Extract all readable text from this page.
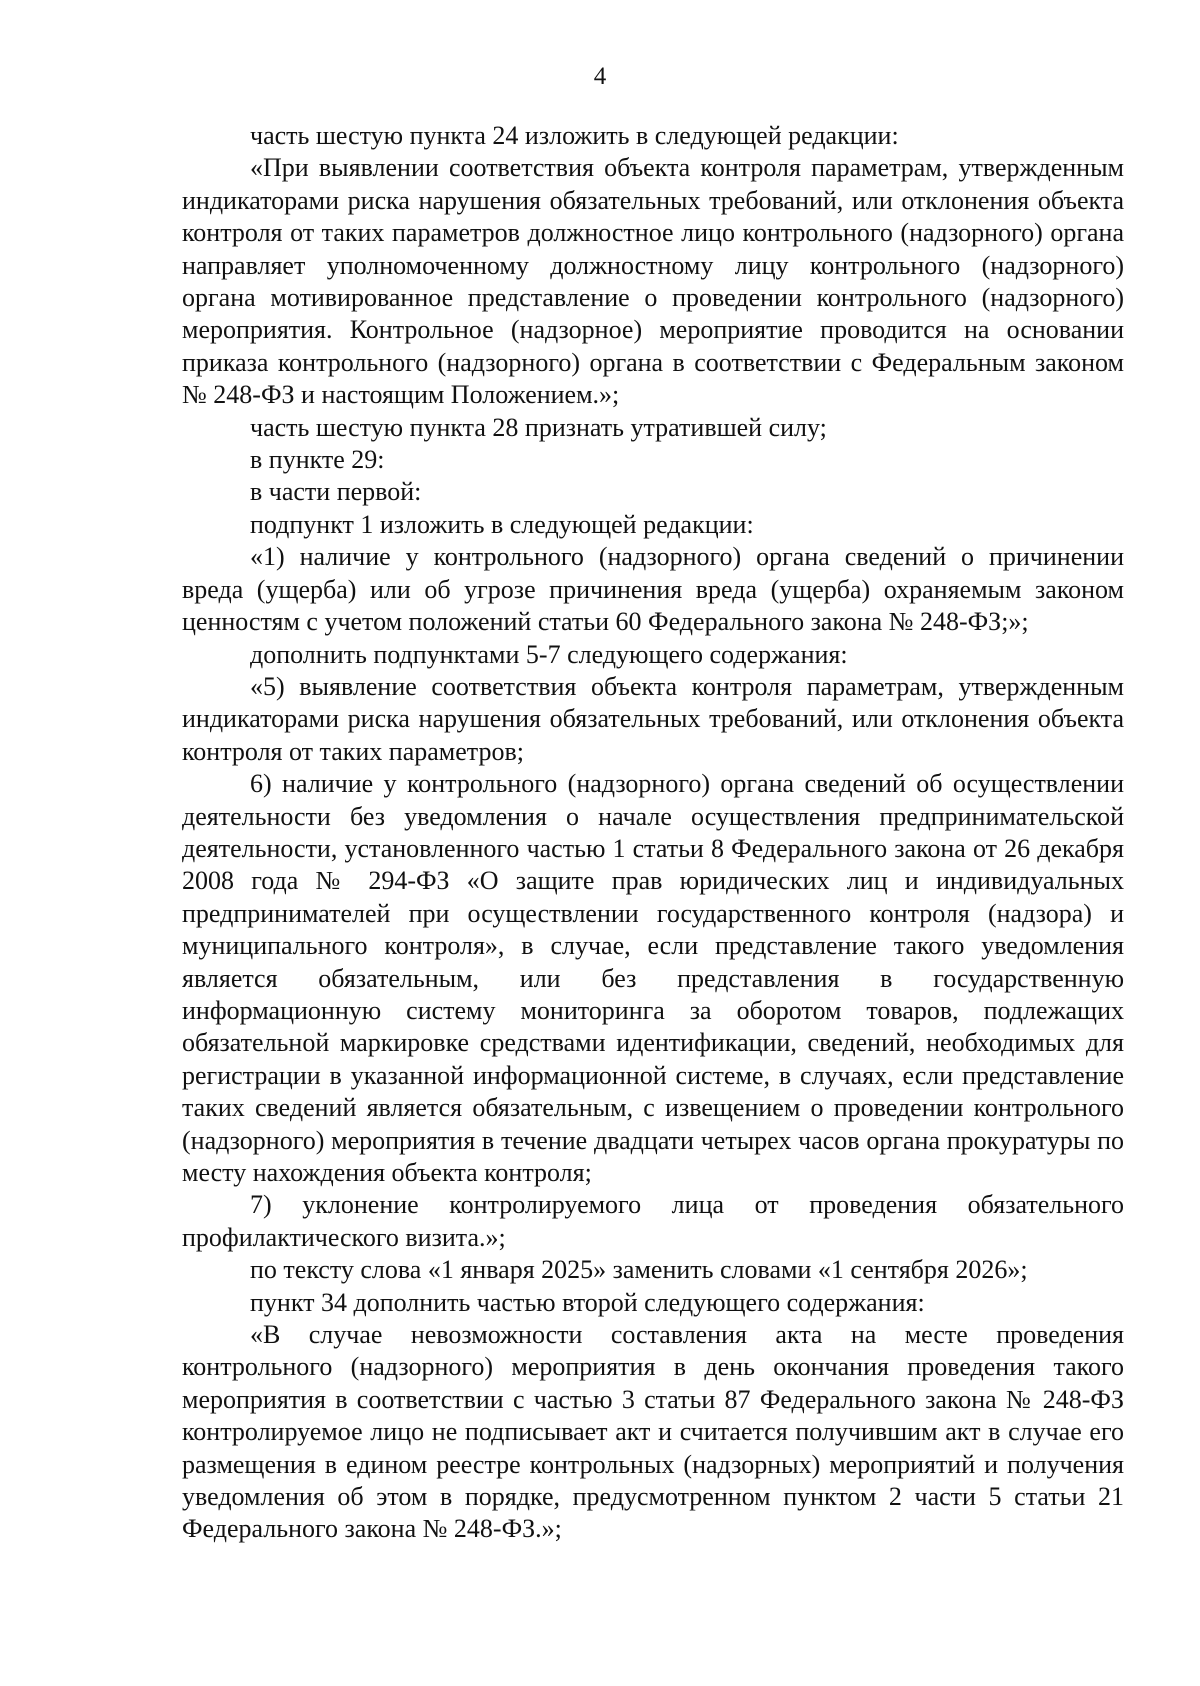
4

часть шестую пункта 24 изложить в следующей редакции:

«При выявлении соответствия объекта контроля параметрам, утвержденным индикаторами риска нарушения обязательных требований, или отклонения объекта контроля от таких параметров должностное лицо контрольного (надзорного) органа направляет уполномоченному должностному лицу контрольного (надзорного) органа мотивированное представление о проведении контрольного (надзорного) мероприятия. Контрольное (надзорное) мероприятие проводится на основании приказа контрольного (надзорного) органа в соответствии с Федеральным законом № 248-ФЗ и настоящим Положением.»;

часть шестую пункта 28 признать утратившей силу;

в пункте 29:

в части первой:

подпункт 1 изложить в следующей редакции:

«1) наличие у контрольного (надзорного) органа сведений о причинении вреда (ущерба) или об угрозе причинения вреда (ущерба) охраняемым законом ценностям с учетом положений статьи 60 Федерального закона № 248-ФЗ;»;

дополнить подпунктами 5-7 следующего содержания:

«5) выявление соответствия объекта контроля параметрам, утвержденным индикаторами риска нарушения обязательных требований, или отклонения объекта контроля от таких параметров;

6) наличие у контрольного (надзорного) органа сведений об осуществлении деятельности без уведомления о начале осуществления предпринимательской деятельности, установленного частью 1 статьи 8 Федерального закона от 26 декабря 2008 года № 294-ФЗ «О защите прав юридических лиц и индивидуальных предпринимателей при осуществлении государственного контроля (надзора) и муниципального контроля», в случае, если представление такого уведомления является обязательным, или без представления в государственную информационную систему мониторинга за оборотом товаров, подлежащих обязательной маркировке средствами идентификации, сведений, необходимых для регистрации в указанной информационной системе, в случаях, если представление таких сведений является обязательным, с извещением о проведении контрольного (надзорного) мероприятия в течение двадцати четырех часов органа прокуратуры по месту нахождения объекта контроля;

7) уклонение контролируемого лица от проведения обязательного профилактического визита.»;

по тексту слова «1 января 2025» заменить словами «1 сентября 2026»;

пункт 34 дополнить частью второй следующего содержания:

«В случае невозможности составления акта на месте проведения контрольного (надзорного) мероприятия в день окончания проведения такого мероприятия в соответствии с частью 3 статьи 87 Федерального закона № 248-ФЗ контролируемое лицо не подписывает акт и считается получившим акт в случае его размещения в едином реестре контрольных (надзорных) мероприятий и получения уведомления об этом в порядке, предусмотренном пунктом 2 части 5 статьи 21 Федерального закона № 248-ФЗ.»;
